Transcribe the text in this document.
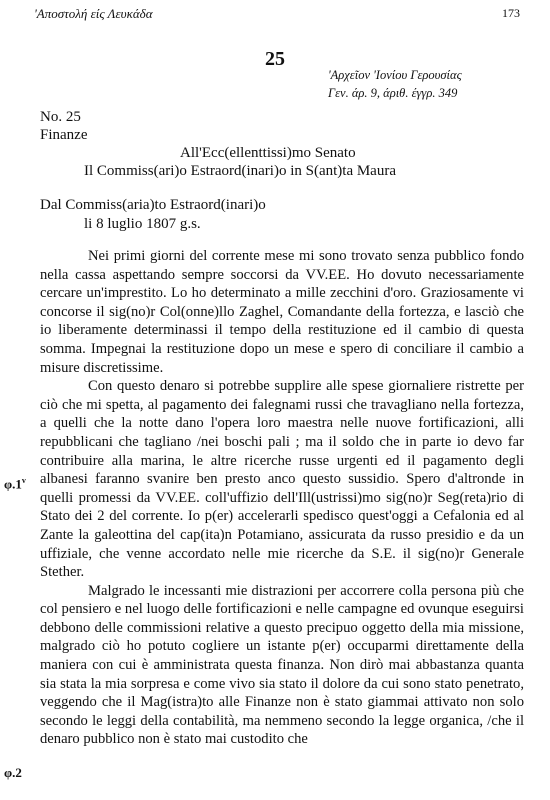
'Αποστολή είς Λευκάδα	173
25
'Αρχεῖον 'Ιονίου Γερουσίας
Γεν. άρ. 9, άριθ. έγγρ. 349
No. 25
Finanze
All'Ecc(ellenttissi)mo Senato
Il Commiss(ari)o Estraord(inari)o in S(ant)ta Maura
Dal Commiss(aria)to Estraord(inari)o
li 8 luglio 1807 g.s.

Nei primi giorni del corrente mese mi sono trovato senza pubblico fondo nella cassa aspettando sempre soccorsi da VV.EE. Ho dovuto necessariamente cercare un'imprestito. Lo ho determinato a mille zecchini d'oro. Graziosamente vi concorse il sig(no)r Col(onne)llo Zaghel, Comandante della fortezza, e lasciò che io liberamente determinassi il tempo della restituzione ed il cambio di questa somma. Impegnai la restituzione dopo un mese e spero di conciliare il cambio a misure discretissime.

Con questo denaro si potrebbe supplire alle spese giornaliere ristrette per ciò che mi spetta, al pagamento dei falegnami russi che travagliano nella fortezza, a quelli che la notte dano l'opera loro maestra nelle nuove fortificazioni, alli repubblicani che tagliano /nei boschi pali ; ma il soldo che in parte io devo far contribuire alla marina, le altre ricerche russe urgenti ed il pagamento degli albanesi faranno svanire ben presto anco questo sussidio. Spero d'altronde in quelli promessi da VV.EE. coll'uffizio dell'Ill(ustrissi)mo sig(no)r Seg(reta)rio di Stato dei 2 del corrente. Io p(er) accelerarli spedisco quest'oggi a Cefalonia ed al Zante la galeottina del cap(ita)n Potamiano, assicurata da russo presidio e da un uffiziale, che venne accordato nelle mie ricerche da S.E. il sig(no)r Generale Stether.

Malgrado le incessanti mie distrazioni per accorrere colla persona più che col pensiero e nel luogo delle fortificazioni e nelle campagne ed ovunque eseguirsi debbono delle commissioni relative a questo precipuo oggetto della mia missione, malgrado ciò ho potuto cogliere un istante p(er) occuparmi direttamente della maniera con cui è amministrata questa finanza. Non dirò mai abbastanza quanta sia stata la mia sorpresa e come vivo sia stato il dolore da cui sono stato penetrato, veggendo che il Mag(istra)to alle Finanze non è stato giammai attivato non solo secondo le leggi della contabilità, ma nemmeno secondo la legge organica, /che il denaro pubblico non è stato mai custodito che

φ.1$^v$
φ.2
